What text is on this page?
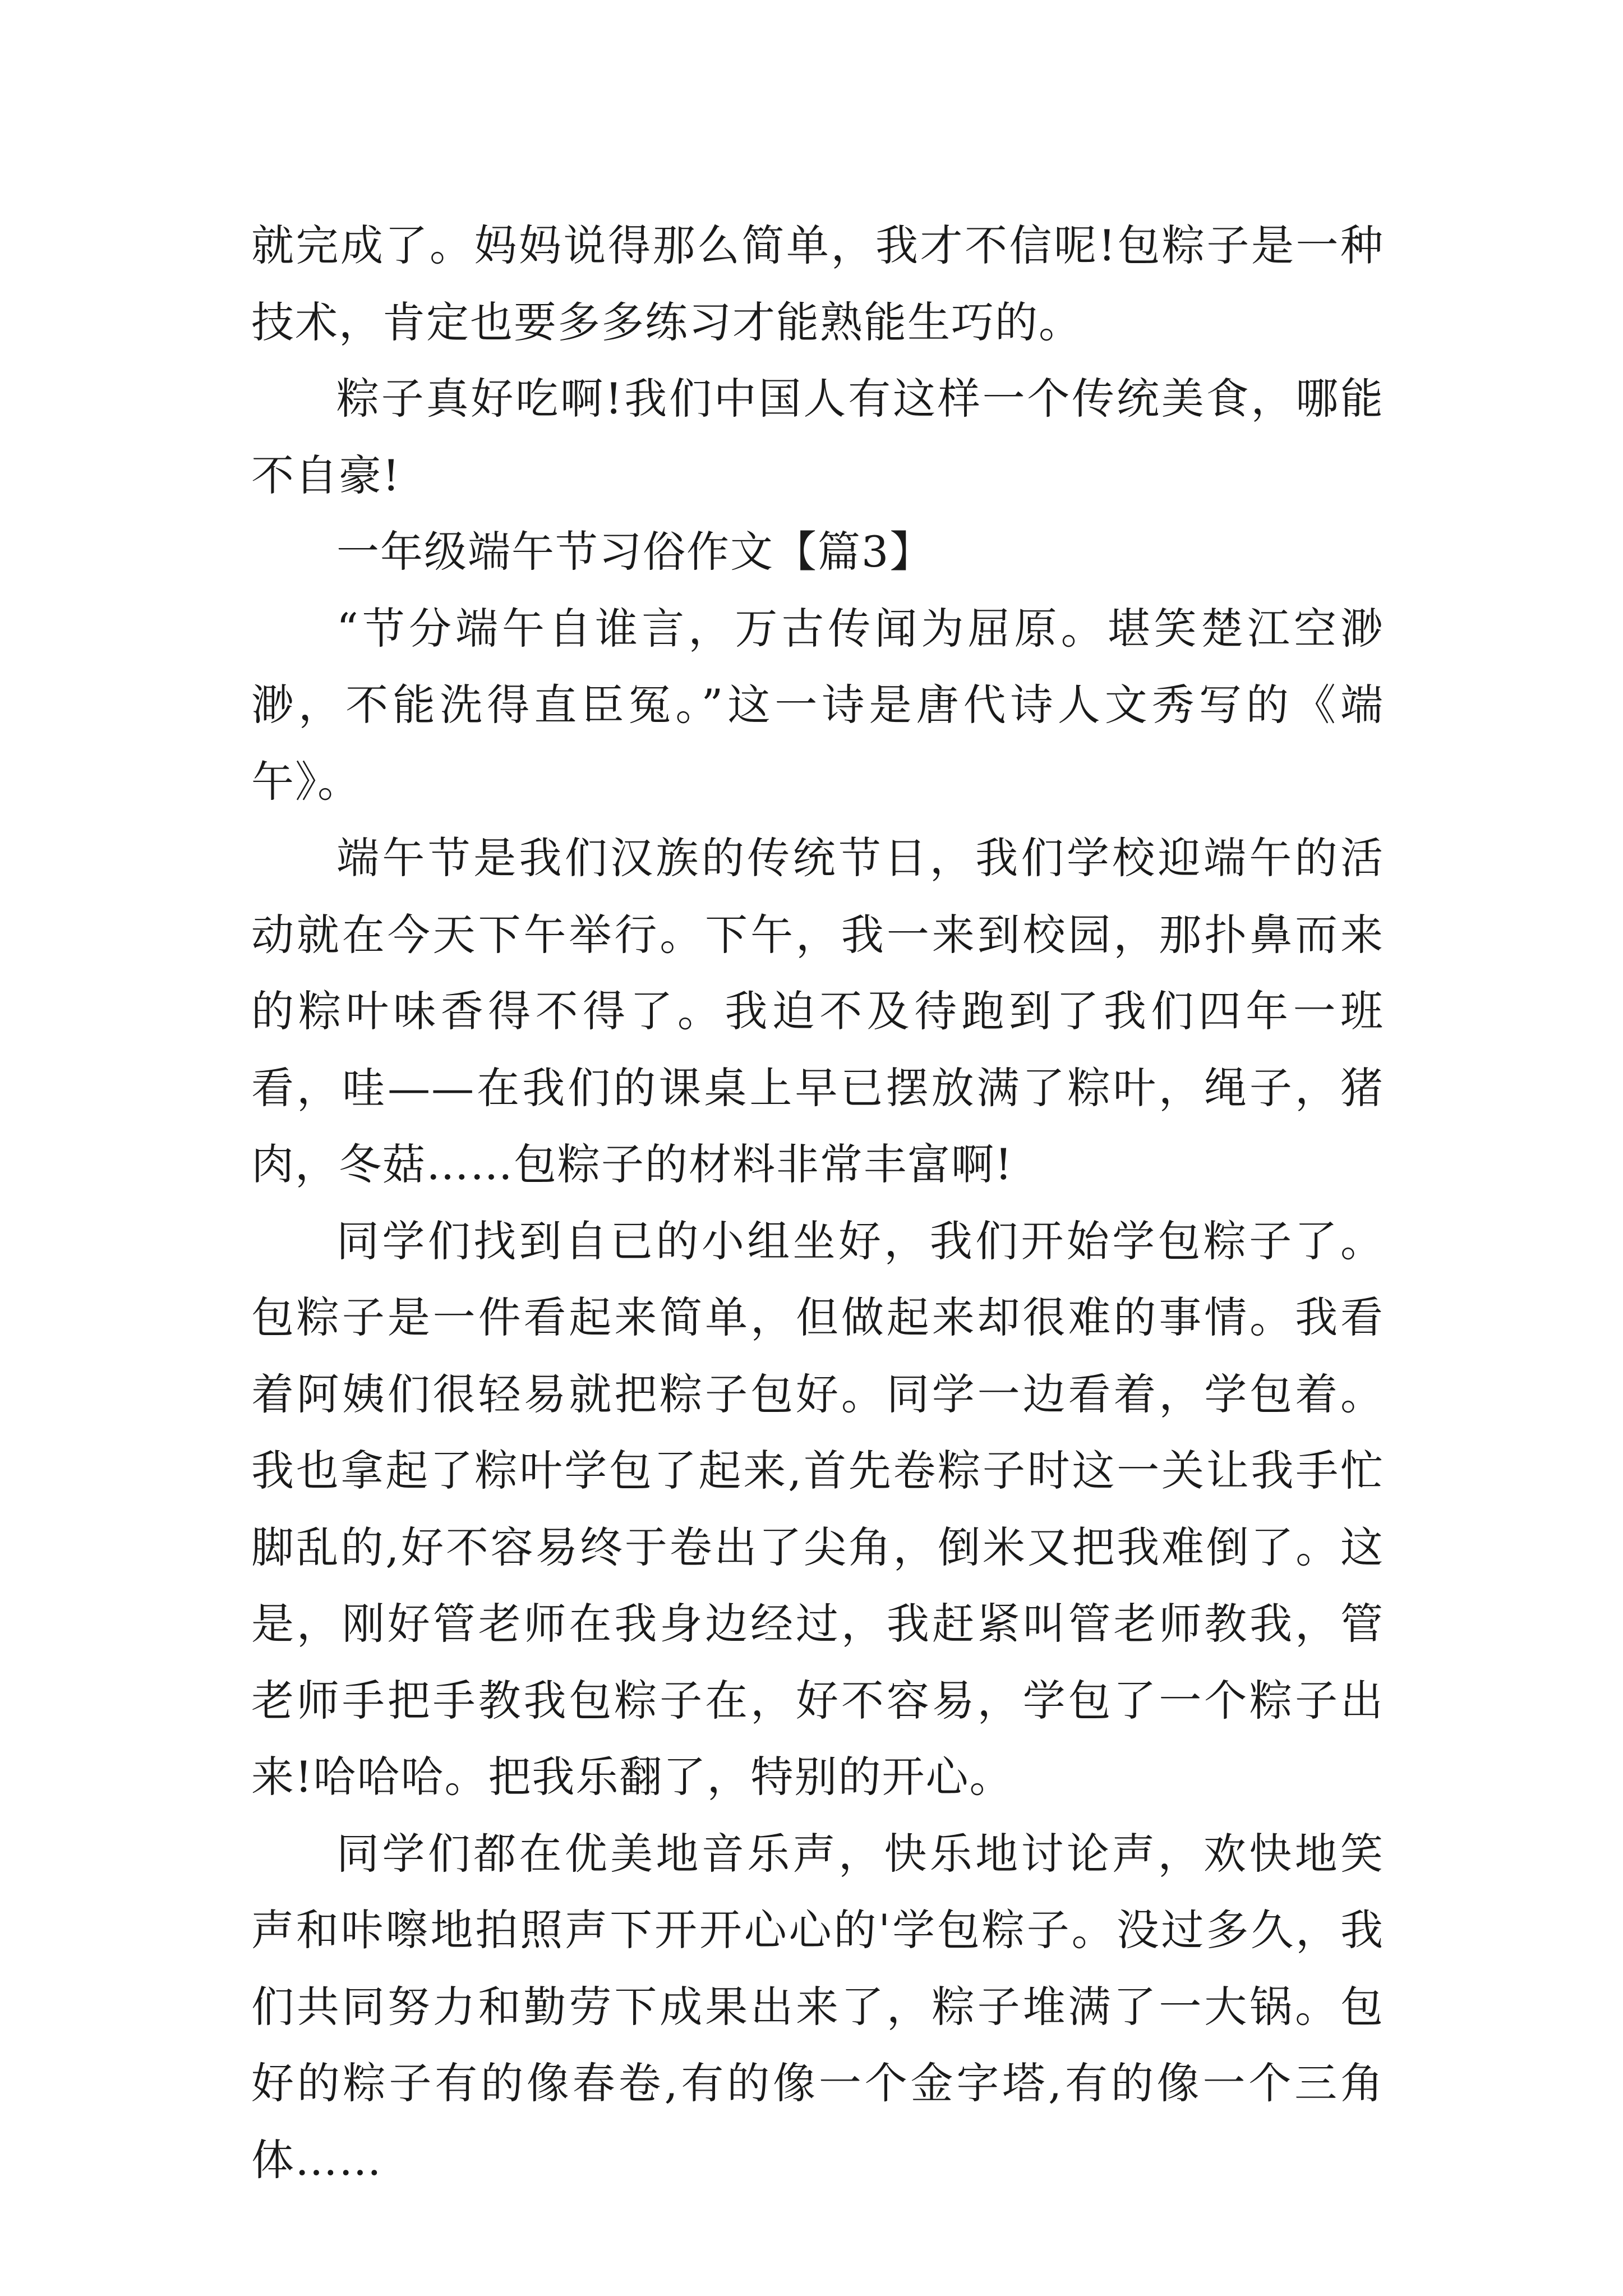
就完成了。妈妈说得那么简单，我才不信呢!包粽子是一种技术，肯定也要多多练习才能熟能生巧的。

粽子真好吃啊!我们中国人有这样一个传统美食，哪能不自豪!

一年级端午节习俗作文【篇3】

“节分端午自谁言，万古传闻为屈原。堪笑楚江空渺渺，不能洗得直臣冤。”这一诗是唐代诗人文秀写的《端午》。

端午节是我们汉族的传统节日，我们学校迎端午的活动就在今天下午举行。下午，我一来到校园，那扑鼻而来的粽叶味香得不得了。我迫不及待跑到了我们四年一班看，哇——在我们的课桌上早已摆放满了粽叶，绳子，猪肉，冬菇……包粽子的材料非常丰富啊!

同学们找到自已的小组坐好，我们开始学包粽子了。包粽子是一件看起来简单，但做起来却很难的事情。我看着阿姨们很轻易就把粽子包好。同学一边看着，学包着。我也拿起了粽叶学包了起来,首先卷粽子时这一关让我手忙脚乱的,好不容易终于卷出了尖角，倒米又把我难倒了。这是，刚好管老师在我身边经过，我赶紧叫管老师教我，管老师手把手教我包粽子在，好不容易，学包了一个粽子出来!哈哈哈。把我乐翻了，特别的开心。

同学们都在优美地音乐声，快乐地讨论声，欢快地笑声和咔嚓地拍照声下开开心心的'学包粽子。没过多久，我们共同努力和勤劳下成果出来了，粽子堆满了一大锅。包好的粽子有的像春卷,有的像一个金字塔,有的像一个三角体……
